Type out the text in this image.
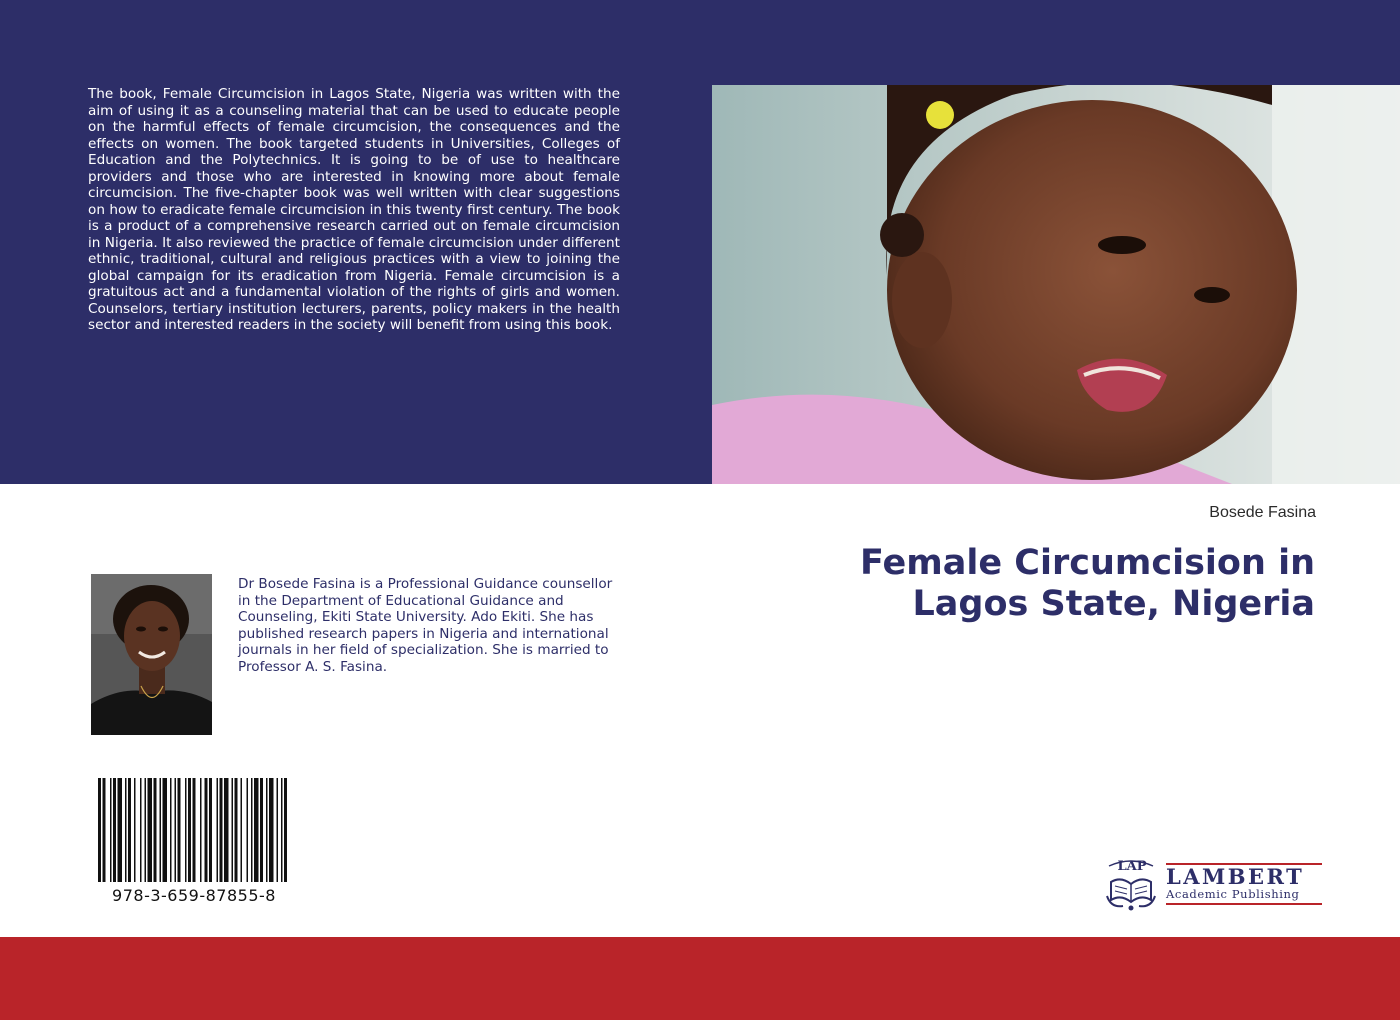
The book, Female Circumcision in Lagos State, Nigeria was written with the aim of using it as a counseling material that can be used to educate people on the harmful effects of female circumcision, the consequences and the effects on women. The book targeted students in Universities, Colleges of Education and the Polytechnics. It is going to be of use to healthcare providers and those who are interested in knowing more about female circumcision. The five-chapter book was well written with clear suggestions on how to eradicate female circumcision in this twenty first century. The book is a product of a comprehensive research carried out on female circumcision in Nigeria. It also reviewed the practice of female circumcision under different ethnic, traditional, cultural and religious practices with a view to joining the global campaign for its eradication from Nigeria. Female circumcision is a gratuitous act and a fundamental violation of the rights of girls and women. Counselors, tertiary institution lecturers, parents, policy makers in the health sector and interested readers in the society will benefit from using this book.

Bosede Fasina
Female Circumcision in
Lagos State, Nigeria

Dr Bosede Fasina is a Professional Guidance counsellor in the Department of Educational Guidance and Counseling, Ekiti State University. Ado Ekiti. She has published research papers in Nigeria and international journals in her field of specialization. She is married to Professor A. S. Fasina.

978-3-659-87855-8
LAP LAMBERT
Academic Publishing
